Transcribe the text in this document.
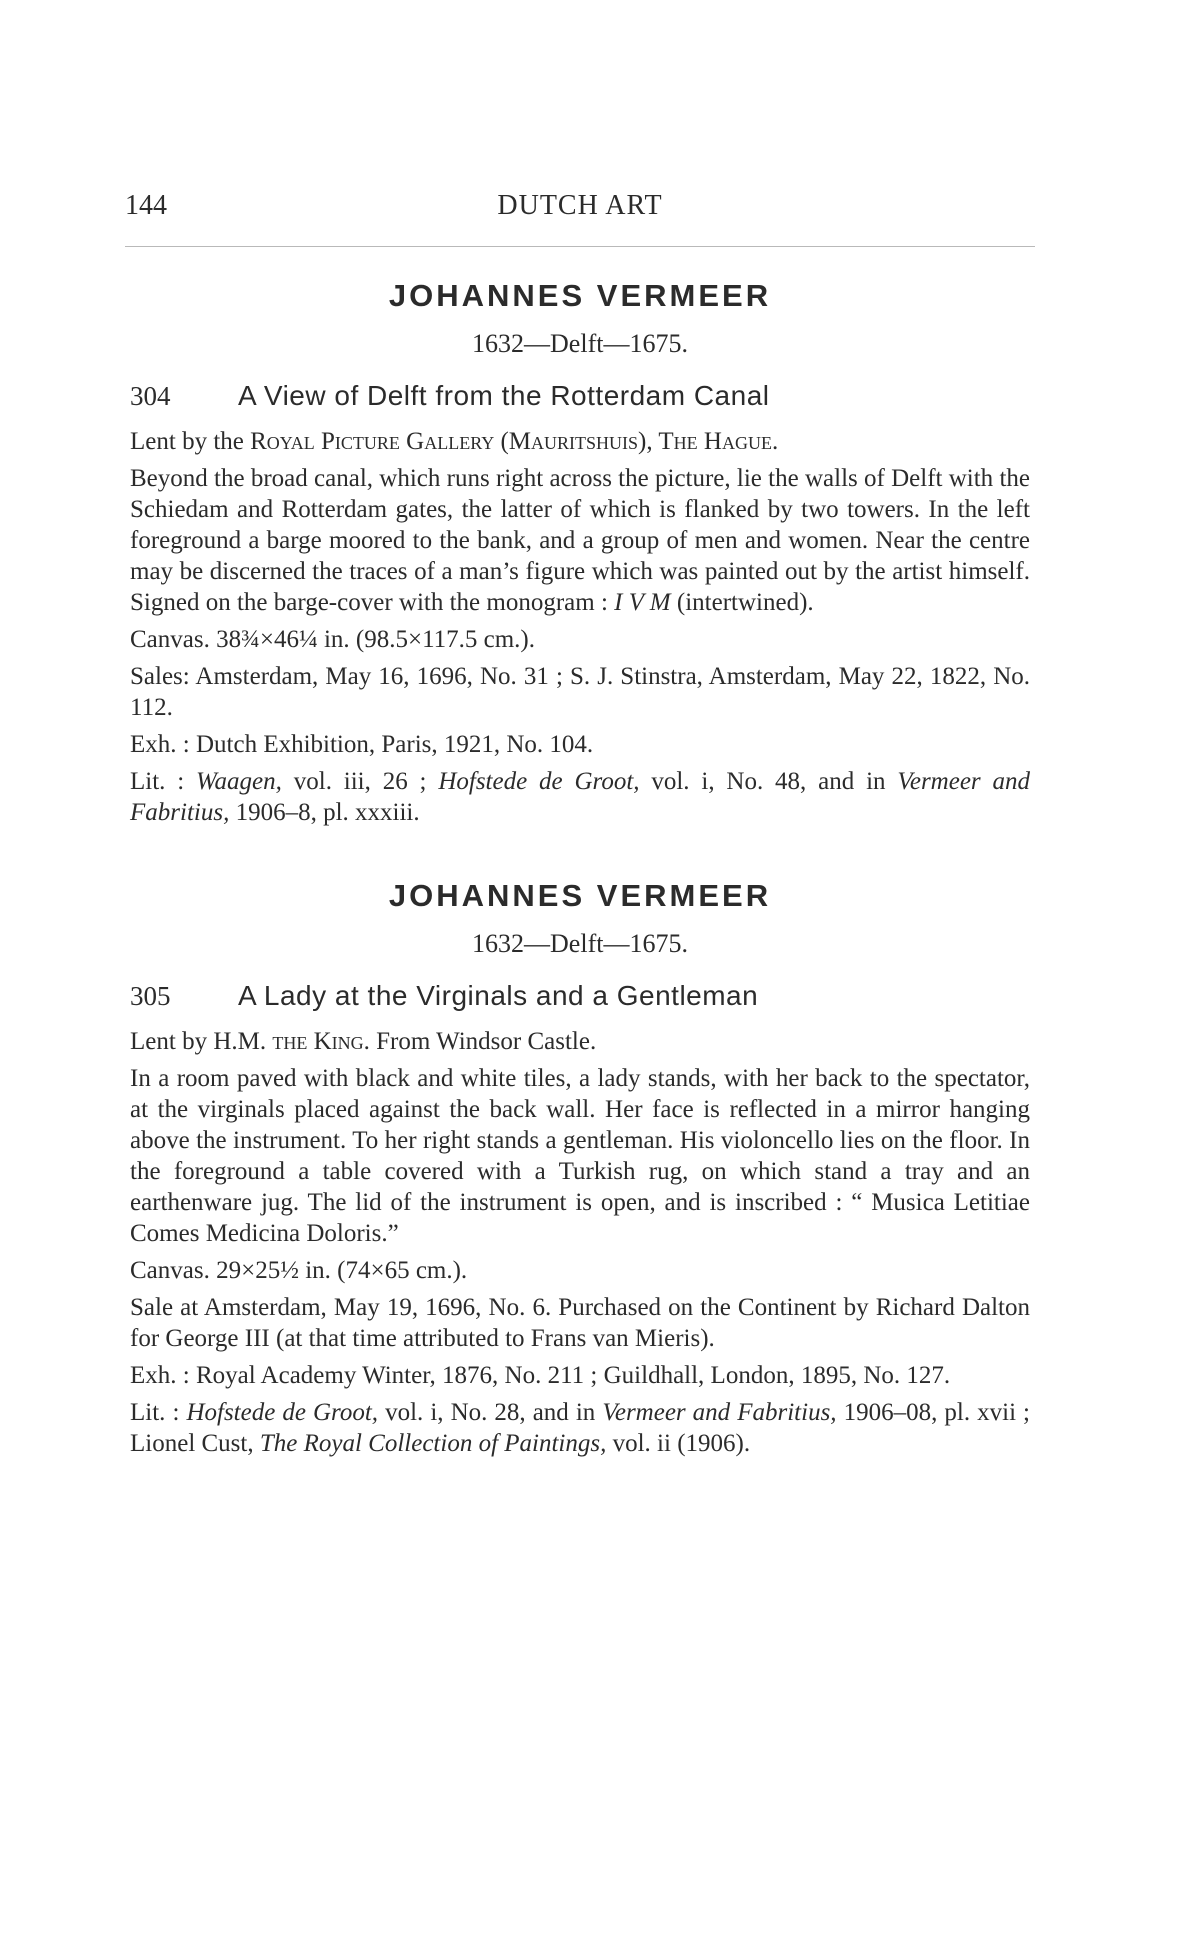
144	DUTCH ART
JOHANNES VERMEER

1632—Delft—1675.

304	A View of Delft from the Rotterdam Canal

Lent by the Royal Picture Gallery (Mauritshuis), The Hague.

Beyond the broad canal, which runs right across the picture, lie the walls of Delft with the Schiedam and Rotterdam gates, the latter of which is flanked by two towers. In the left foreground a barge moored to the bank, and a group of men and women. Near the centre may be discerned the traces of a man’s figure which was painted out by the artist himself. Signed on the barge-cover with the monogram : I V M (intertwined).

Canvas. 38¾×46¼ in. (98.5×117.5 cm.).

Sales: Amsterdam, May 16, 1696, No. 31 ; S. J. Stinstra, Amsterdam, May 22, 1822, No. 112.

Exh. : Dutch Exhibition, Paris, 1921, No. 104.

Lit. : Waagen, vol. iii, 26 ; Hofstede de Groot, vol. i, No. 48, and in Vermeer and Fabritius, 1906–8, pl. xxxiii.

JOHANNES VERMEER

1632—Delft—1675.

305	A Lady at the Virginals and a Gentleman

Lent by H.M. the King. From Windsor Castle.

In a room paved with black and white tiles, a lady stands, with her back to the spectator, at the virginals placed against the back wall. Her face is reflected in a mirror hanging above the instrument. To her right stands a gentleman. His violoncello lies on the floor. In the foreground a table covered with a Turkish rug, on which stand a tray and an earthenware jug. The lid of the instrument is open, and is inscribed : “ Musica Letitiae Comes Medicina Doloris.”

Canvas. 29×25½ in. (74×65 cm.).

Sale at Amsterdam, May 19, 1696, No. 6. Purchased on the Continent by Richard Dalton for George III (at that time attributed to Frans van Mieris).

Exh. : Royal Academy Winter, 1876, No. 211 ; Guildhall, London, 1895, No. 127.

Lit. : Hofstede de Groot, vol. i, No. 28, and in Vermeer and Fabritius, 1906–08, pl. xvii ; Lionel Cust, The Royal Collection of Paintings, vol. ii (1906).
